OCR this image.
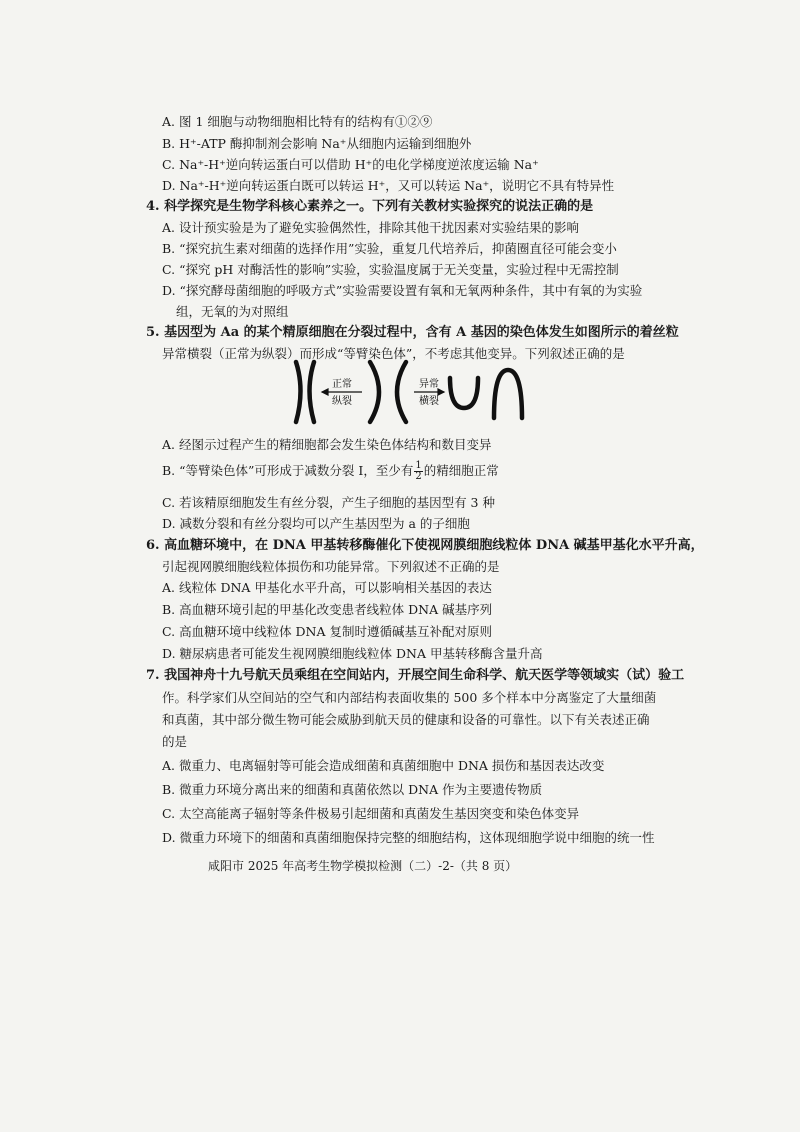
A. 图 1 细胞与动物细胞相比特有的结构有①②⑨
B. H⁺-ATP 酶抑制剂会影响 Na⁺从细胞内运输到细胞外
C. Na⁺-H⁺逆向转运蛋白可以借助 H⁺的电化学梯度逆浓度运输 Na⁺
D. Na⁺-H⁺逆向转运蛋白既可以转运 H⁺，又可以转运 Na⁺，说明它不具有特异性
4. 科学探究是生物学科核心素养之一。下列有关教材实验探究的说法正确的是
A. 设计预实验是为了避免实验偶然性，排除其他干扰因素对实验结果的影响
B. “探究抗生素对细菌的选择作用”实验，重复几代培养后，抑菌圈直径可能会变小
C. “探究 pH 对酶活性的影响”实验，实验温度属于无关变量，实验过程中无需控制
D. “探究酵母菌细胞的呼吸方式”实验需要设置有氧和无氧两种条件，其中有氧的为实验
组，无氧的为对照组
5. 基因型为 Aa 的某个精原细胞在分裂过程中，含有 A 基因的染色体发生如图所示的着丝粒
异常横裂（正常为纵裂）而形成“等臂染色体”，不考虑其他变异。下列叙述正确的是
正常
纵裂
异常
横裂
A. 经图示过程产生的精细胞都会发生染色体结构和数目变异
B. “等臂染色体”可形成于减数分裂 I，至少有 $\frac{1}{2}$ 的精细胞正常
C. 若该精原细胞发生有丝分裂，产生子细胞的基因型有 3 种
D. 减数分裂和有丝分裂均可以产生基因型为 a 的子细胞
6. 高血糖环境中，在 DNA 甲基转移酶催化下使视网膜细胞线粒体 DNA 碱基甲基化水平升高，
引起视网膜细胞线粒体损伤和功能异常。下列叙述不正确的是
A. 线粒体 DNA 甲基化水平升高，可以影响相关基因的表达
B. 高血糖环境引起的甲基化改变患者线粒体 DNA 碱基序列
C. 高血糖环境中线粒体 DNA 复制时遵循碱基互补配对原则
D. 糖尿病患者可能发生视网膜细胞线粒体 DNA 甲基转移酶含量升高
7. 我国神舟十九号航天员乘组在空间站内，开展空间生命科学、航天医学等领域实（试）验工
作。科学家们从空间站的空气和内部结构表面收集的 500 多个样本中分离鉴定了大量细菌
和真菌，其中部分微生物可能会威胁到航天员的健康和设备的可靠性。以下有关表述正确
的是
A. 微重力、电离辐射等可能会造成细菌和真菌细胞中 DNA 损伤和基因表达改变
B. 微重力环境分离出来的细菌和真菌依然以 DNA 作为主要遗传物质
C. 太空高能离子辐射等条件极易引起细菌和真菌发生基因突变和染色体变异
D. 微重力环境下的细菌和真菌细胞保持完整的细胞结构，这体现细胞学说中细胞的统一性
咸阳市 2025 年高考生物学模拟检测（二）-2-（共 8 页）
